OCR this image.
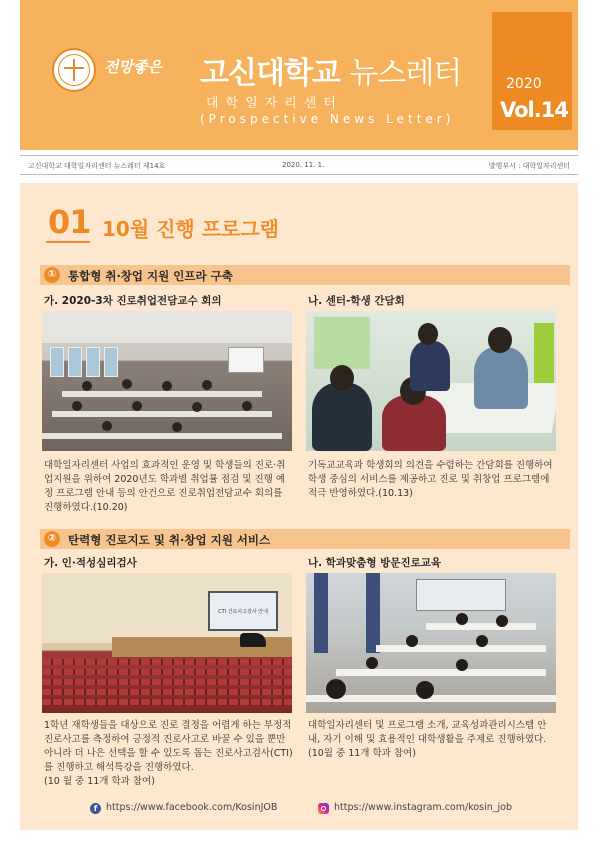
전망좋은 고신대학교 뉴스레터
대학일자리센터
(Prospective News Letter)
2020
Vol.14
고신대학교 대학일자리센터 뉴스레터 제14호	2020. 11. 1.	발행부서 : 대학일자리센터
01 10월 진행 프로그램
①	통합형 취·창업 지원 인프라 구축
가. 2020-3차 진로취업전담교수 회의
대학일자리센터 사업의 효과적인 운영 및 학생들의 진로·취업지원을 위하여 2020년도 학과별 취업률 점검 및 진행 예정 프로그램 안내 등의 안건으로 진로취업전담교수 회의를 진행하였다.(10.20)
나. 센터-학생 간담회
기독교교육과 학생회의 의견을 수렴하는 간담회를 진행하여 학생 중심의 서비스를 제공하고 진로 및 취창업 프로그램에 적극 반영하였다.(10.13)
②	탄력형 진로지도 및 취·창업 지원 서비스
가. 인·적성심리검사
CTI 진로사고검사 안내
1학년 재학생들을 대상으로 진로 결정을 어렵게 하는 부정적 진로사고를 측정하여 긍정적 진로사고로 바꿀 수 있을 뿐만 아니라 더 나은 선택을 할 수 있도록 돕는 진로사고검사(CTI)를 진행하고 해석특강을 진행하였다.
(10 월 중 11개 학과 참여)
나. 학과맞춤형 방문진로교육
대학일자리센터 및 프로그램 소개, 교육성과관리시스템 안내, 자기 이해 및 효용적인 대학생활을 주제로 진행하였다.(10월 중 11개 학과 참여)
f https://www.facebook.com/KosinJOB	https://www.instagram.com/kosin_job
